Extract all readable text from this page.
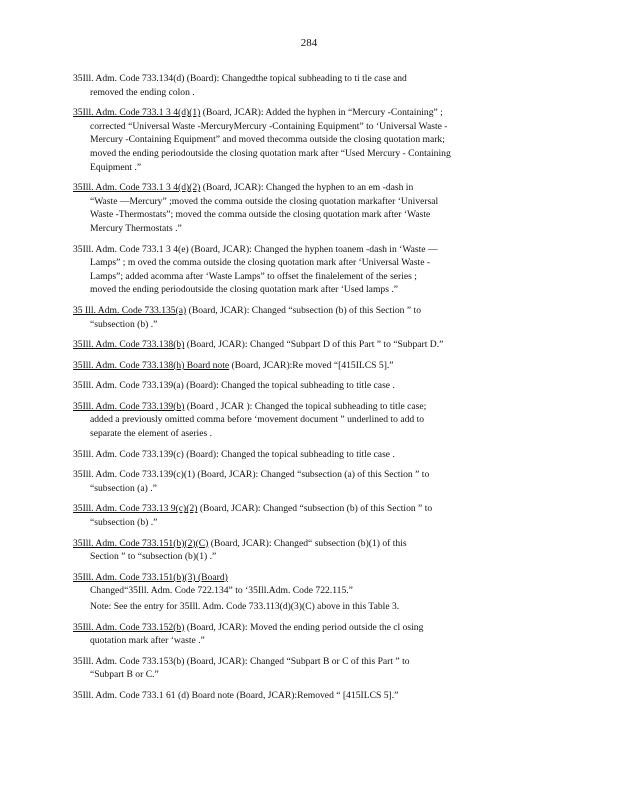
284
35Ill. Adm. Code 733.134(d) (Board): Changedthe topical subheading to ti tle case and
removed the ending colon .
35Ill. Adm. Code 733.1 3 4(d)(1) (Board, JCAR): Added the hyphen in “Mercury -Containing” ;
corrected “Universal Waste -MercuryMercury -Containing Equipment” to ‘Universal Waste -
Mercury -Containing Equipment” and moved thecomma outside the closing quotation mark;
moved the ending periodoutside the closing quotation mark after “Used Mercury - Containing
Equipment .”
35Ill. Adm. Code 733.1 3 4(d)(2) (Board, JCAR): Changed the hyphen to an em -dash in
“Waste —Mercury” ;moved the comma outside the closing quotation markafter ‘Universal
Waste -Thermostats”; moved the comma outside the closing quotation mark after ‘Waste
Mercury Thermostats .”
35Ill. Adm. Code 733.1 3 4(e) (Board, JCAR): Changed the hyphen toanem -dash in ‘Waste —
Lamps” ; m oved the comma outside the closing quotation mark after ‘Universal Waste -
Lamps”; added acomma after ‘Waste Lamps” to offset the finalelement of the series ;
moved the ending periodoutside the closing quotation mark after ‘Used lamps .”
35 Ill. Adm. Code 733.135(a) (Board, JCAR): Changed “subsection (b) of this Section ” to
“subsection (b) .”
35Ill. Adm. Code 733.138(b) (Board, JCAR): Changed “Subpart D of this Part ” to “Subpart D.”
35Ill. Adm. Code 733.138(h) Board note (Board, JCAR):Re moved “[415ILCS 5].”
35Ill. Adm. Code 733.139(a) (Board): Changed the topical subheading to title case .
35Ill. Adm. Code 733.139(b) (Board , JCAR ): Changed the topical subheading to title case;
added a previously omitted comma before ‘movement document ” underlined to add to
separate the element of aseries .
35Ill. Adm. Code 733.139(c) (Board): Changed the topical subheading to title case .
35Ill. Adm. Code 733.139(c)(1) (Board, JCAR): Changed “subsection (a) of this Section ” to
“subsection (a) .”
35Ill. Adm. Code 733.13 9(c)(2) (Board, JCAR): Changed “subsection (b) of this Section ” to
“subsection (b) .”
35Ill. Adm. Code 733.151(b)(2)(C) (Board, JCAR): Changed“ subsection (b)(1) of this
Section ” to “subsection (b)(1) .”
35Ill. Adm. Code 733.151(b)(3) (Board)
Changed“35Ill. Adm. Code 722.134” to ‘35Ill.Adm. Code 722.115.”
Note: See the entry for 35Ill. Adm. Code 733.113(d)(3)(C) above in this Table 3.
35Ill. Adm. Code 733.152(b) (Board, JCAR): Moved the ending period outside the cl osing
quotation mark after ‘waste .”
35Ill. Adm. Code 733.153(b) (Board, JCAR): Changed “Subpart B or C of this Part ” to
“Subpart B or C.”
35Ill. Adm. Code 733.1 61 (d) Board note (Board, JCAR):Removed “ [415ILCS 5].”
